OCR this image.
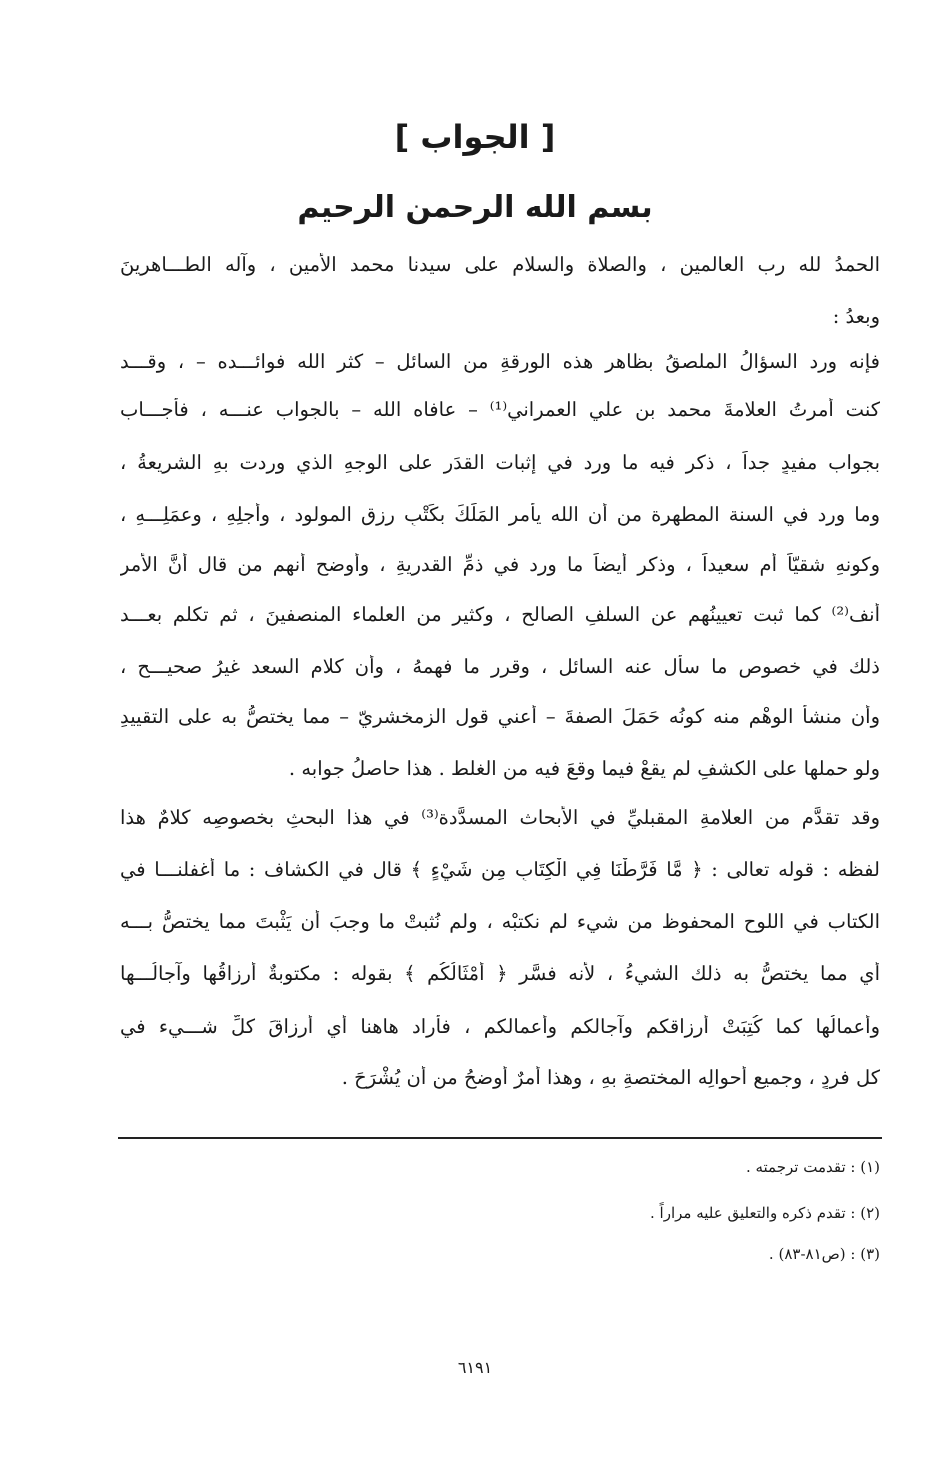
[ الجواب ]
بسم الله الرحمن الرحيم
الحمدُ لله رب العالمين ، والصلاة والسلام على سيدنا محمد الأمين ، وآله الطـــاهرينَ
وبعدُ :
فإنه ورد السؤالُ الملصقُ بظاهرِ هذه الورقةِ من السائل – كثر الله فوائـــده – ، وقـــد
كنت أمرتُ العلامةَ محمد بن علي العمراني⁽¹⁾ – عافاه الله – بالجواب عنـــه ، فأجـــاب
بجواب مفيدٍ جداً ، ذكر فيه ما ورد في إثبات القدَر على الوجهِ الذي وردت بهِ الشريعةُ ،
وما ورد في السنة المطهرة من أن الله يأمر المَلَكَ بكَتْبِ رزق المولود ، وأجلِهِ ، وعمَلِـــهِ ،
وكونهِ شقيّاً أم سعيداً ، وذكر أيضاً ما ورد في ذمِّ القدريةِ ، وأوضح أنهم من قال أنَّ الأمر
أنف⁽²⁾ كما ثبت تعيينُهم عن السلفِ الصالحِ ، وكثير من العلماء المنصفينَ ، ثم تكلم بعـــد
ذلك في خصوصِ ما سأل عنه السائل ، وقرر ما فهمهُ ، وأن كلام السعد غيرُ صحيـــح ،
وأن منشأ الوهْم منه كونُه حَمَلَ الصفةَ – أعني قول الزمخشريّ – مما يختصُّ به على التقييدِ
ولو حملها على الكشفِ لم يقعْ فيما وقعَ فيه من الغلط . هذا حاصلُ جوابه .
وقد تقدَّم من العلامةِ المقبليِّ في الأبحاث المسدَّدة⁽³⁾ في هذا البحثِ بخصوصِه كلامٌ هذا
لفظه : قوله تعالى : ﴿ مَّا فَرَّطْنَا فِي الْكِتَابِ مِن شَيْءٍ ﴾ قال في الكشاف : ما أغفلنـــا في
الكتاب في اللوحِ المحفوظ من شيء لم نكتبْه ، ولم نُثبتْ ما وجبَ أن يَثْبتَ مما يختصُّ بـــه
أي مما يختصُّ به ذلك الشيءُ ، لأنه فسَّر ﴿ أَمْثَالُكُم ﴾ بقوله : مكتوبةٌ أرزاقُها وآجالُـــها
وأعمالُها كما كُتِبَتْ أرزاقكم وآجالكم وأعمالكم ، فأراد هاهنا أي أرزاقَ كلِّ شـــيء في
كل فردٍ ، وجميعِ أحوالِه المختصةِ بهِ ، وهذا أمرٌ أوضحُ من أن يُشْرَحَ .
(١) : تقدمت ترجمته .
(٢) : تقدم ذكره والتعليق عليه مراراً .
(٣) : (ص٨١-٨٣) .
٦١٩١
